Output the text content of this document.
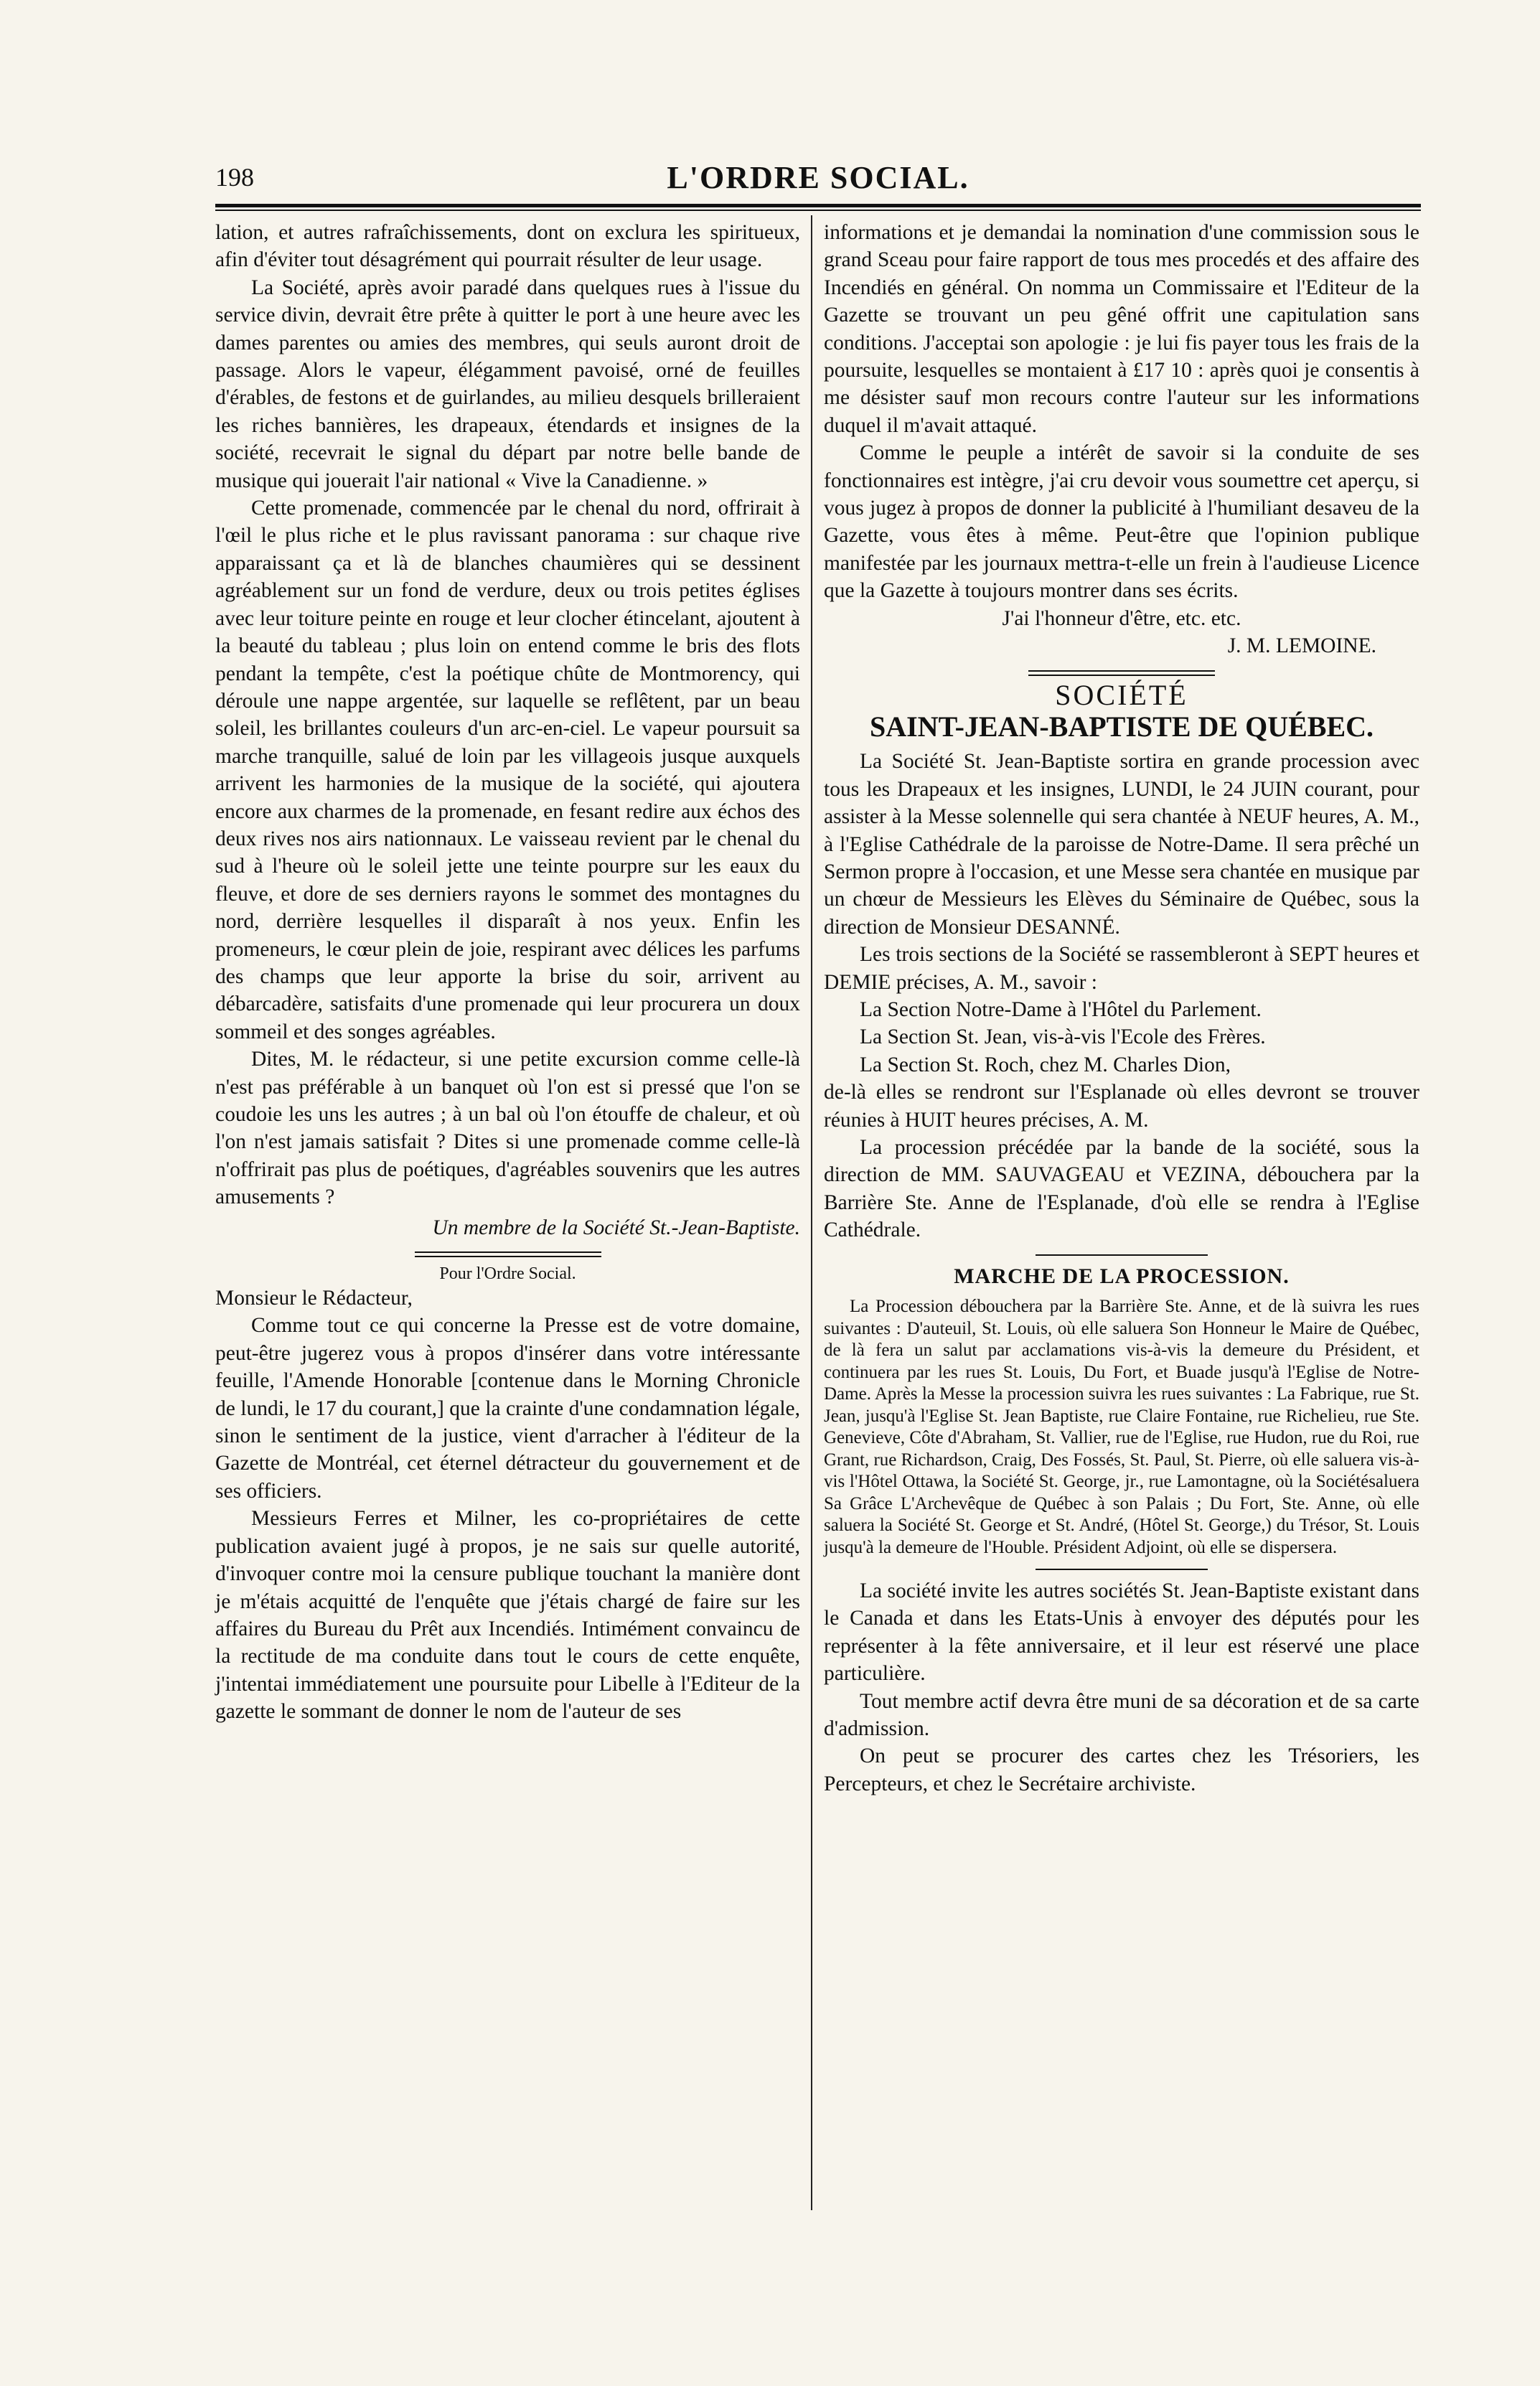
198	L'ORDRE SOCIAL.

lation, et autres rafraîchissements, dont on exclura les spiritueux, afin d'éviter tout désagrément qui pourrait résulter de leur usage.

La Société, après avoir paradé dans quelques rues à l'issue du service divin, devrait être prête à quitter le port à une heure avec les dames parentes ou amies des membres, qui seuls auront droit de passage. Alors le vapeur, élégamment pavoisé, orné de feuilles d'érables, de festons et de guirlandes, au milieu desquels brilleraient les riches bannières, les drapeaux, étendards et insignes de la société, recevrait le signal du départ par notre belle bande de musique qui jouerait l'air national « Vive la Canadienne. »

Cette promenade, commencée par le chenal du nord, offrirait à l'œil le plus riche et le plus ravissant panorama : sur chaque rive apparaissant ça et là de blanches chaumières qui se dessinent agréablement sur un fond de verdure, deux ou trois petites églises avec leur toiture peinte en rouge et leur clocher étincelant, ajoutent à la beauté du tableau ; plus loin on entend comme le bris des flots pendant la tempête, c'est la poétique chûte de Montmorency, qui déroule une nappe argentée, sur laquelle se reflêtent, par un beau soleil, les brillantes couleurs d'un arc-en-ciel. Le vapeur poursuit sa marche tranquille, salué de loin par les villageois jusque auxquels arrivent les harmonies de la musique de la société, qui ajoutera encore aux charmes de la promenade, en fesant redire aux échos des deux rives nos airs nationnaux. Le vaisseau revient par le chenal du sud à l'heure où le soleil jette une teinte pourpre sur les eaux du fleuve, et dore de ses derniers rayons le sommet des montagnes du nord, derrière lesquelles il disparaît à nos yeux. Enfin les promeneurs, le cœur plein de joie, respirant avec délices les parfums des champs que leur apporte la brise du soir, arrivent au débarcadère, satisfaits d'une promenade qui leur procurera un doux sommeil et des songes agréables.

Dites, M. le rédacteur, si une petite excursion comme celle-là n'est pas préférable à un banquet où l'on est si pressé que l'on se coudoie les uns les autres ; à un bal où l'on étouffe de chaleur, et où l'on n'est jamais satisfait ? Dites si une promenade comme celle-là n'offrirait pas plus de poétiques, d'agréables souvenirs que les autres amusements ?

Un membre de la Société St.-Jean-Baptiste.

Pour l'Ordre Social.

Monsieur le Rédacteur,

Comme tout ce qui concerne la Presse est de votre domaine, peut-être jugerez vous à propos d'insérer dans votre intéressante feuille, l'Amende Honorable [contenue dans le Morning Chronicle de lundi, le 17 du courant,] que la crainte d'une condamnation légale, sinon le sentiment de la justice, vient d'arracher à l'éditeur de la Gazette de Montréal, cet éternel détracteur du gouvernement et de ses officiers.

Messieurs Ferres et Milner, les co-propriétaires de cette publication avaient jugé à propos, je ne sais sur quelle autorité, d'invoquer contre moi la censure publique touchant la manière dont je m'étais acquitté de l'enquête que j'étais chargé de faire sur les affaires du Bureau du Prêt aux Incendiés. Intimément convaincu de la rectitude de ma conduite dans tout le cours de cette enquête, j'intentai immédiatement une poursuite pour Libelle à l'Editeur de la gazette le sommant de donner le nom de l'auteur de ses

informations et je demandai la nomination d'une commission sous le grand Sceau pour faire rapport de tous mes procedés et des affaire des Incendiés en général. On nomma un Commissaire et l'Editeur de la Gazette se trouvant un peu gêné offrit une capitulation sans conditions. J'acceptai son apologie : je lui fis payer tous les frais de la poursuite, lesquelles se montaient à £17 10 : après quoi je consentis à me désister sauf mon recours contre l'auteur sur les informations duquel il m'avait attaqué.

Comme le peuple a intérêt de savoir si la conduite de ses fonctionnaires est intègre, j'ai cru devoir vous soumettre cet aperçu, si vous jugez à propos de donner la publicité à l'humiliant desaveu de la Gazette, vous êtes à même. Peut-être que l'opinion publique manifestée par les journaux mettra-t-elle un frein à l'audieuse Licence que la Gazette à toujours montrer dans ses écrits.

J'ai l'honneur d'être, etc. etc.

J. M. LEMOINE.

SOCIÉTÉ
SAINT-JEAN-BAPTISTE DE QUÉBEC.

La Société St. Jean-Baptiste sortira en grande procession avec tous les Drapeaux et les insignes, LUNDI, le 24 JUIN courant, pour assister à la Messe solennelle qui sera chantée à NEUF heures, A. M., à l'Eglise Cathédrale de la paroisse de Notre-Dame. Il sera prêché un Sermon propre à l'occasion, et une Messe sera chantée en musique par un chœur de Messieurs les Elèves du Séminaire de Québec, sous la direction de Monsieur DESANNÉ.

Les trois sections de la Société se rassembleront à SEPT heures et DEMIE précises, A. M., savoir :

La Section Notre-Dame à l'Hôtel du Parlement.

La Section St. Jean, vis-à-vis l'Ecole des Frères.

La Section St. Roch, chez M. Charles Dion,

de-là elles se rendront sur l'Esplanade où elles devront se trouver réunies à HUIT heures précises, A. M.

La procession précédée par la bande de la société, sous la direction de MM. SAUVAGEAU et VEZINA, débouchera par la Barrière Ste. Anne de l'Esplanade, d'où elle se rendra à l'Eglise Cathédrale.

MARCHE DE LA PROCESSION.

La Procession débouchera par la Barrière Ste. Anne, et de là suivra les rues suivantes : D'auteuil, St. Louis, où elle saluera Son Honneur le Maire de Québec, de là fera un salut par acclamations vis-à-vis la demeure du Président, et continuera par les rues St. Louis, Du Fort, et Buade jusqu'à l'Eglise de Notre-Dame. Après la Messe la procession suivra les rues suivantes : La Fabrique, rue St. Jean, jusqu'à l'Eglise St. Jean Baptiste, rue Claire Fontaine, rue Richelieu, rue Ste. Genevieve, Côte d'Abraham, St. Vallier, rue de l'Eglise, rue Hudon, rue du Roi, rue Grant, rue Richardson, Craig, Des Fossés, St. Paul, St. Pierre, où elle saluera vis-à-vis l'Hôtel Ottawa, la Société St. George, jr., rue Lamontagne, où la Sociétésaluera Sa Grâce L'Archevêque de Québec à son Palais ; Du Fort, Ste. Anne, où elle saluera la Société St. George et St. André, (Hôtel St. George,) du Trésor, St. Louis jusqu'à la demeure de l'Houble. Président Adjoint, où elle se dispersera.

La société invite les autres sociétés St. Jean-Baptiste existant dans le Canada et dans les Etats-Unis à envoyer des députés pour les représenter à la fête anniversaire, et il leur est réservé une place particulière.

Tout membre actif devra être muni de sa décoration et de sa carte d'admission.

On peut se procurer des cartes chez les Trésoriers, les Percepteurs, et chez le Secrétaire archiviste.
